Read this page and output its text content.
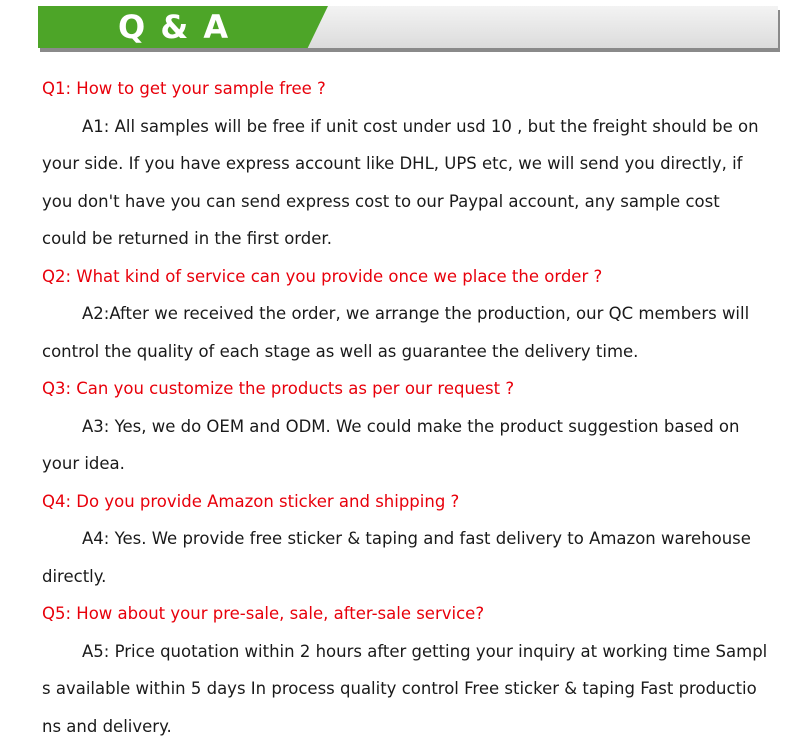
Q & A
Q1: How to get your sample free ?
A1: All samples will be free if unit cost under usd 10 , but the freight should be on
your side. If you have express account like DHL, UPS etc, we will send you directly, if
you don't have you can send express cost to our Paypal account, any sample cost
could be returned in the first order.
Q2: What kind of service can you provide once we place the order ?
A2:After we received the order, we arrange the production, our QC members will
control the quality of each stage as well as guarantee the delivery time.
Q3: Can you customize the products as per our request ?
A3: Yes, we do OEM and ODM. We could make the product suggestion based on
your idea.
Q4: Do you provide Amazon sticker and shipping ?
A4: Yes. We provide free sticker & taping and fast delivery to Amazon warehouse
directly.
Q5: How about your pre-sale, sale, after-sale service?
A5: Price quotation within 2 hours after getting your inquiry at working time Sampl
s available within 5 days In process quality control Free sticker & taping Fast productio
ns and delivery.
